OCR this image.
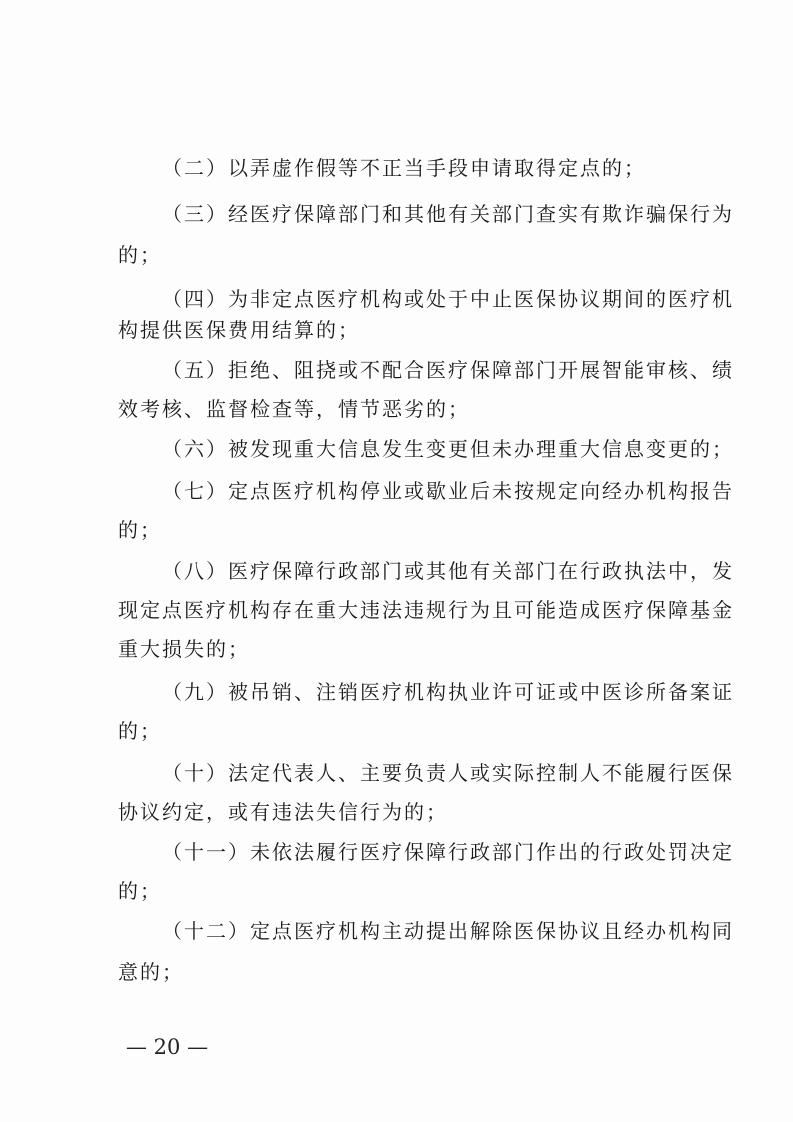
（二）以弄虚作假等不正当手段申请取得定点的；
（三）经医疗保障部门和其他有关部门查实有欺诈骗保行为
的；
（四）为非定点医疗机构或处于中止医保协议期间的医疗机
构提供医保费用结算的；
（五）拒绝、阻挠或不配合医疗保障部门开展智能审核、绩
效考核、监督检查等，情节恶劣的；
（六）被发现重大信息发生变更但未办理重大信息变更的；
（七）定点医疗机构停业或歇业后未按规定向经办机构报告
的；
（八）医疗保障行政部门或其他有关部门在行政执法中，发
现定点医疗机构存在重大违法违规行为且可能造成医疗保障基金
重大损失的；
（九）被吊销、注销医疗机构执业许可证或中医诊所备案证
的；
（十）法定代表人、主要负责人或实际控制人不能履行医保
协议约定，或有违法失信行为的；
（十一）未依法履行医疗保障行政部门作出的行政处罚决定
的；
（十二）定点医疗机构主动提出解除医保协议且经办机构同
意的；
— 20 —
